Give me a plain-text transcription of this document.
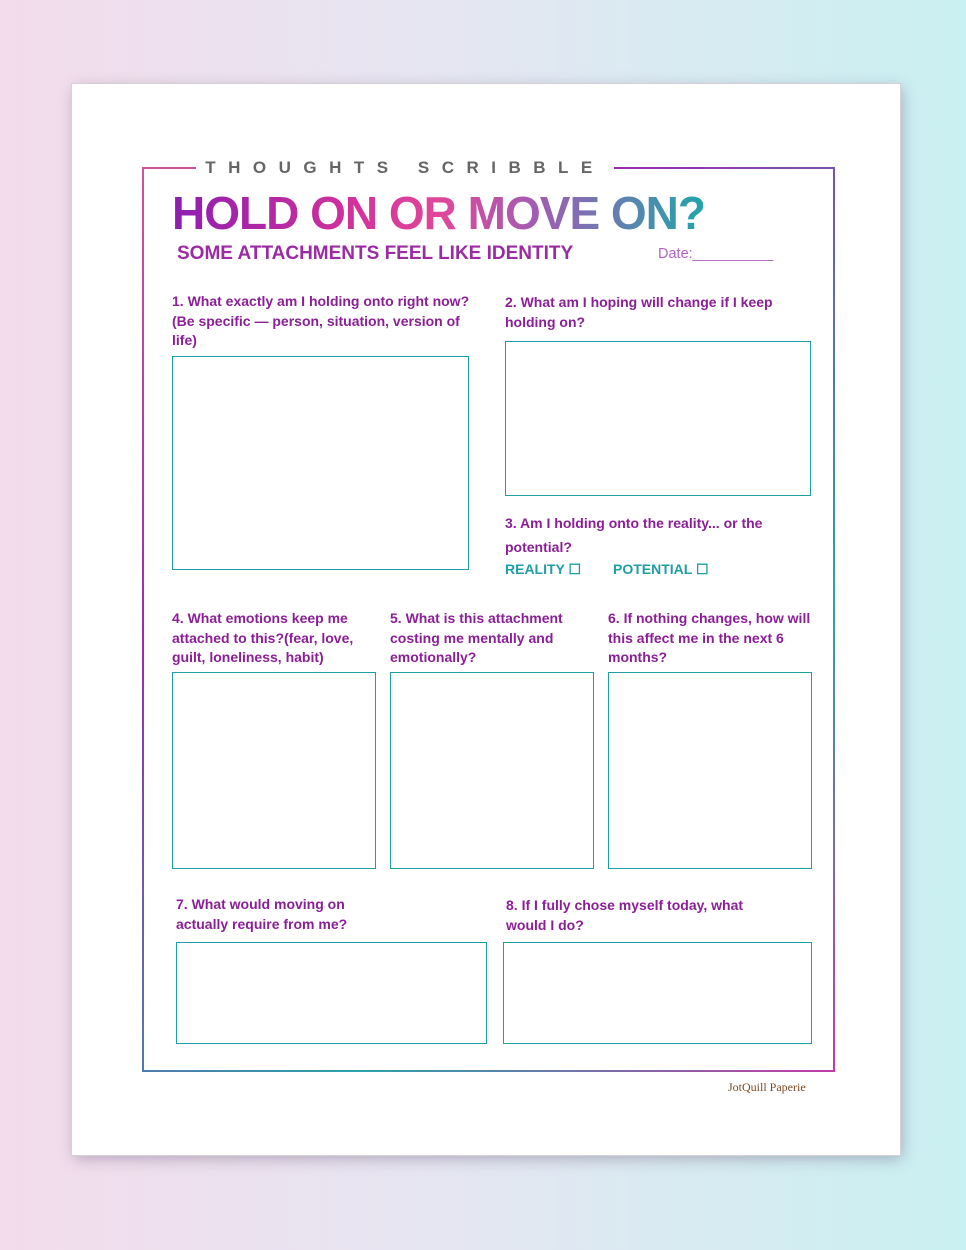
THOUGHTS SCRIBBLE
HOLD ON OR MOVE ON?
SOME ATTACHMENTS FEEL LIKE IDENTITY	Date:__________

1. What exactly am I holding onto right now? (Be specific — person, situation, version of life)

2. What am I hoping will change if I keep holding on?

3. Am I holding onto the reality... or the potential?

REALITY ☐ POTENTIAL ☐

4. What emotions keep me attached to this?(fear, love, guilt, loneliness, habit)

5. What is this attachment costing me mentally and emotionally?

6. If nothing changes, how will this affect me in the next 6 months?

7. What would moving on actually require from me?

8. If I fully chose myself today, what would I do?

JotQuill Paperie
